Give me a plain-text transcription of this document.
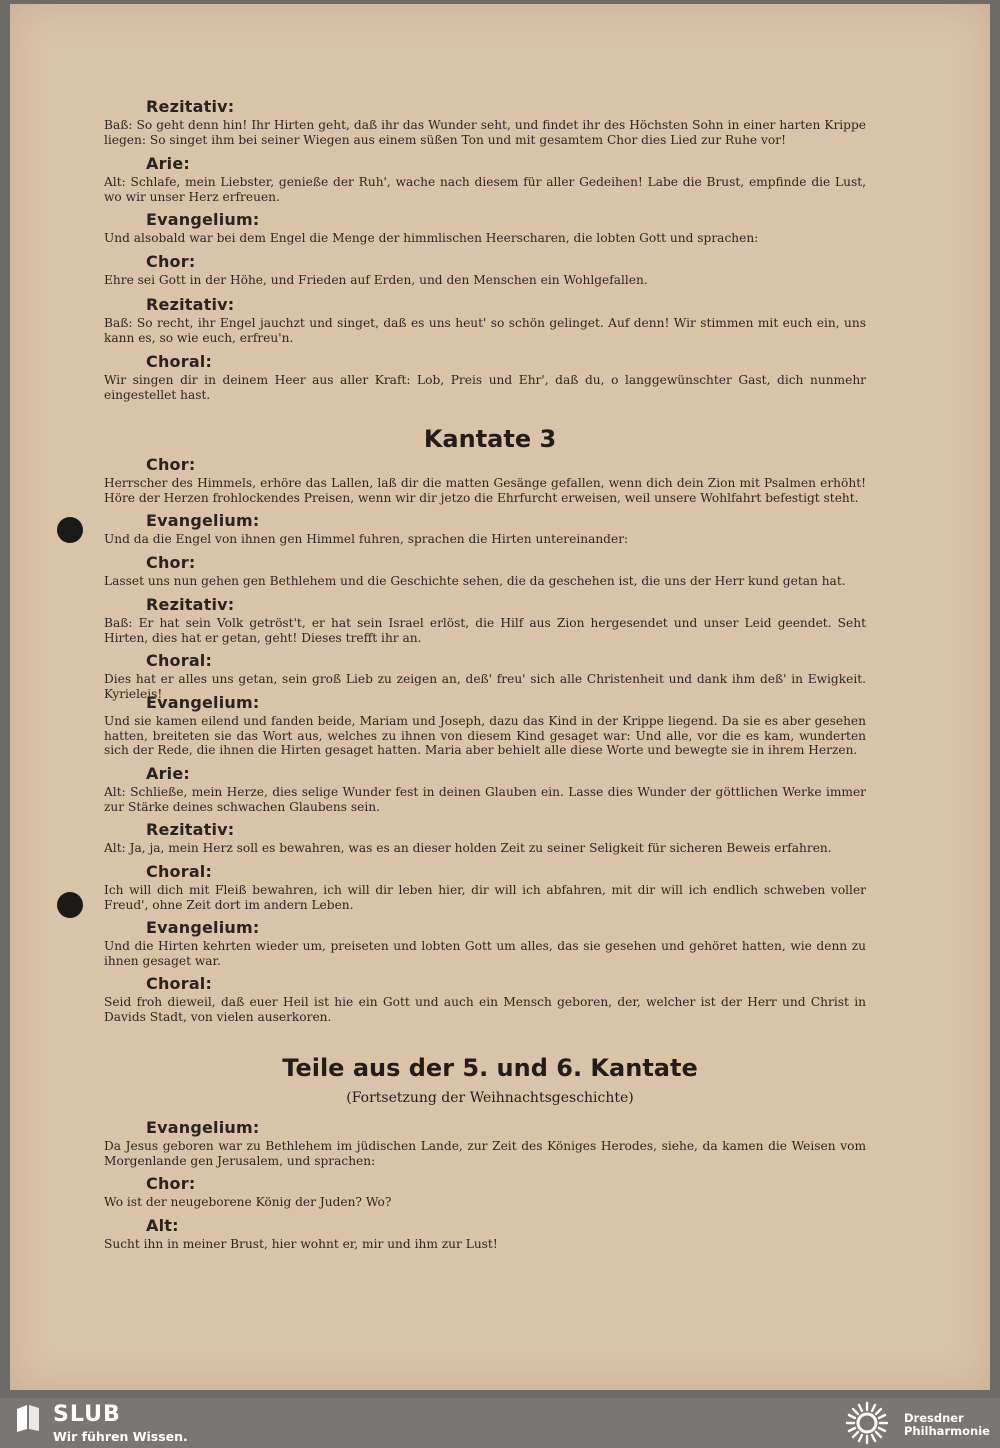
Rezitativ:
Baß: So geht denn hin! Ihr Hirten geht, daß ihr das Wunder seht, und findet ihr des Höchsten Sohn in einer harten Krippe liegen: So singet ihm bei seiner Wiegen aus einem süßen Ton und mit gesamtem Chor dies Lied zur Ruhe vor!
Arie:
Alt: Schlafe, mein Liebster, genieße der Ruh', wache nach diesem für aller Gedeihen! Labe die Brust, empfinde die Lust, wo wir unser Herz erfreuen.
Evangelium:
Und alsobald war bei dem Engel die Menge der himmlischen Heerscharen, die lobten Gott und sprachen:
Chor:
Ehre sei Gott in der Höhe, und Frieden auf Erden, und den Menschen ein Wohlgefallen.
Rezitativ:
Baß: So recht, ihr Engel jauchzt und singet, daß es uns heut' so schön gelinget. Auf denn! Wir stimmen mit euch ein, uns kann es, so wie euch, erfreu'n.
Choral:
Wir singen dir in deinem Heer aus aller Kraft: Lob, Preis und Ehr', daß du, o langgewünschter Gast, dich nunmehr eingestellet hast.
Kantate 3
Chor:
Herrscher des Himmels, erhöre das Lallen, laß dir die matten Gesänge gefallen, wenn dich dein Zion mit Psalmen erhöht! Höre der Herzen frohlockendes Preisen, wenn wir dir jetzo die Ehrfurcht erweisen, weil unsere Wohlfahrt befestigt steht.
Evangelium:
Und da die Engel von ihnen gen Himmel fuhren, sprachen die Hirten untereinander:
Chor:
Lasset uns nun gehen gen Bethlehem und die Geschichte sehen, die da geschehen ist, die uns der Herr kund getan hat.
Rezitativ:
Baß: Er hat sein Volk getröst't, er hat sein Israel erlöst, die Hilf aus Zion hergesendet und unser Leid geendet. Seht Hirten, dies hat er getan, geht! Dieses trefft ihr an.
Choral:
Dies hat er alles uns getan, sein groß Lieb zu zeigen an, deß' freu' sich alle Christenheit und dank ihm deß' in Ewigkeit. Kyrieleis!
Evangelium:
Und sie kamen eilend und fanden beide, Mariam und Joseph, dazu das Kind in der Krippe liegend. Da sie es aber gesehen hatten, breiteten sie das Wort aus, welches zu ihnen von diesem Kind gesaget war: Und alle, vor die es kam, wunderten sich der Rede, die ihnen die Hirten gesaget hatten. Maria aber behielt alle diese Worte und bewegte sie in ihrem Herzen.
Arie:
Alt: Schließe, mein Herze, dies selige Wunder fest in deinen Glauben ein. Lasse dies Wunder der göttlichen Werke immer zur Stärke deines schwachen Glaubens sein.
Rezitativ:
Alt: Ja, ja, mein Herz soll es bewahren, was es an dieser holden Zeit zu seiner Seligkeit für sicheren Beweis erfahren.
Choral:
Ich will dich mit Fleiß bewahren, ich will dir leben hier, dir will ich abfahren, mit dir will ich endlich schweben voller Freud', ohne Zeit dort im andern Leben.
Evangelium:
Und die Hirten kehrten wieder um, preiseten und lobten Gott um alles, das sie gesehen und gehöret hatten, wie denn zu ihnen gesaget war.
Choral:
Seid froh dieweil, daß euer Heil ist hie ein Gott und auch ein Mensch geboren, der, welcher ist der Herr und Christ in Davids Stadt, von vielen auserkoren.
Teile aus der 5. und 6. Kantate
(Fortsetzung der Weihnachtsgeschichte)
Evangelium:
Da Jesus geboren war zu Bethlehem im jüdischen Lande, zur Zeit des Königes Herodes, siehe, da kamen die Weisen vom Morgenlande gen Jerusalem, und sprachen:
Chor:
Wo ist der neugeborene König der Juden? Wo?
Alt:
Sucht ihn in meiner Brust, hier wohnt er, mir und ihm zur Lust!
SLUB
Wir führen Wissen.
Dresdner
Philharmonie
